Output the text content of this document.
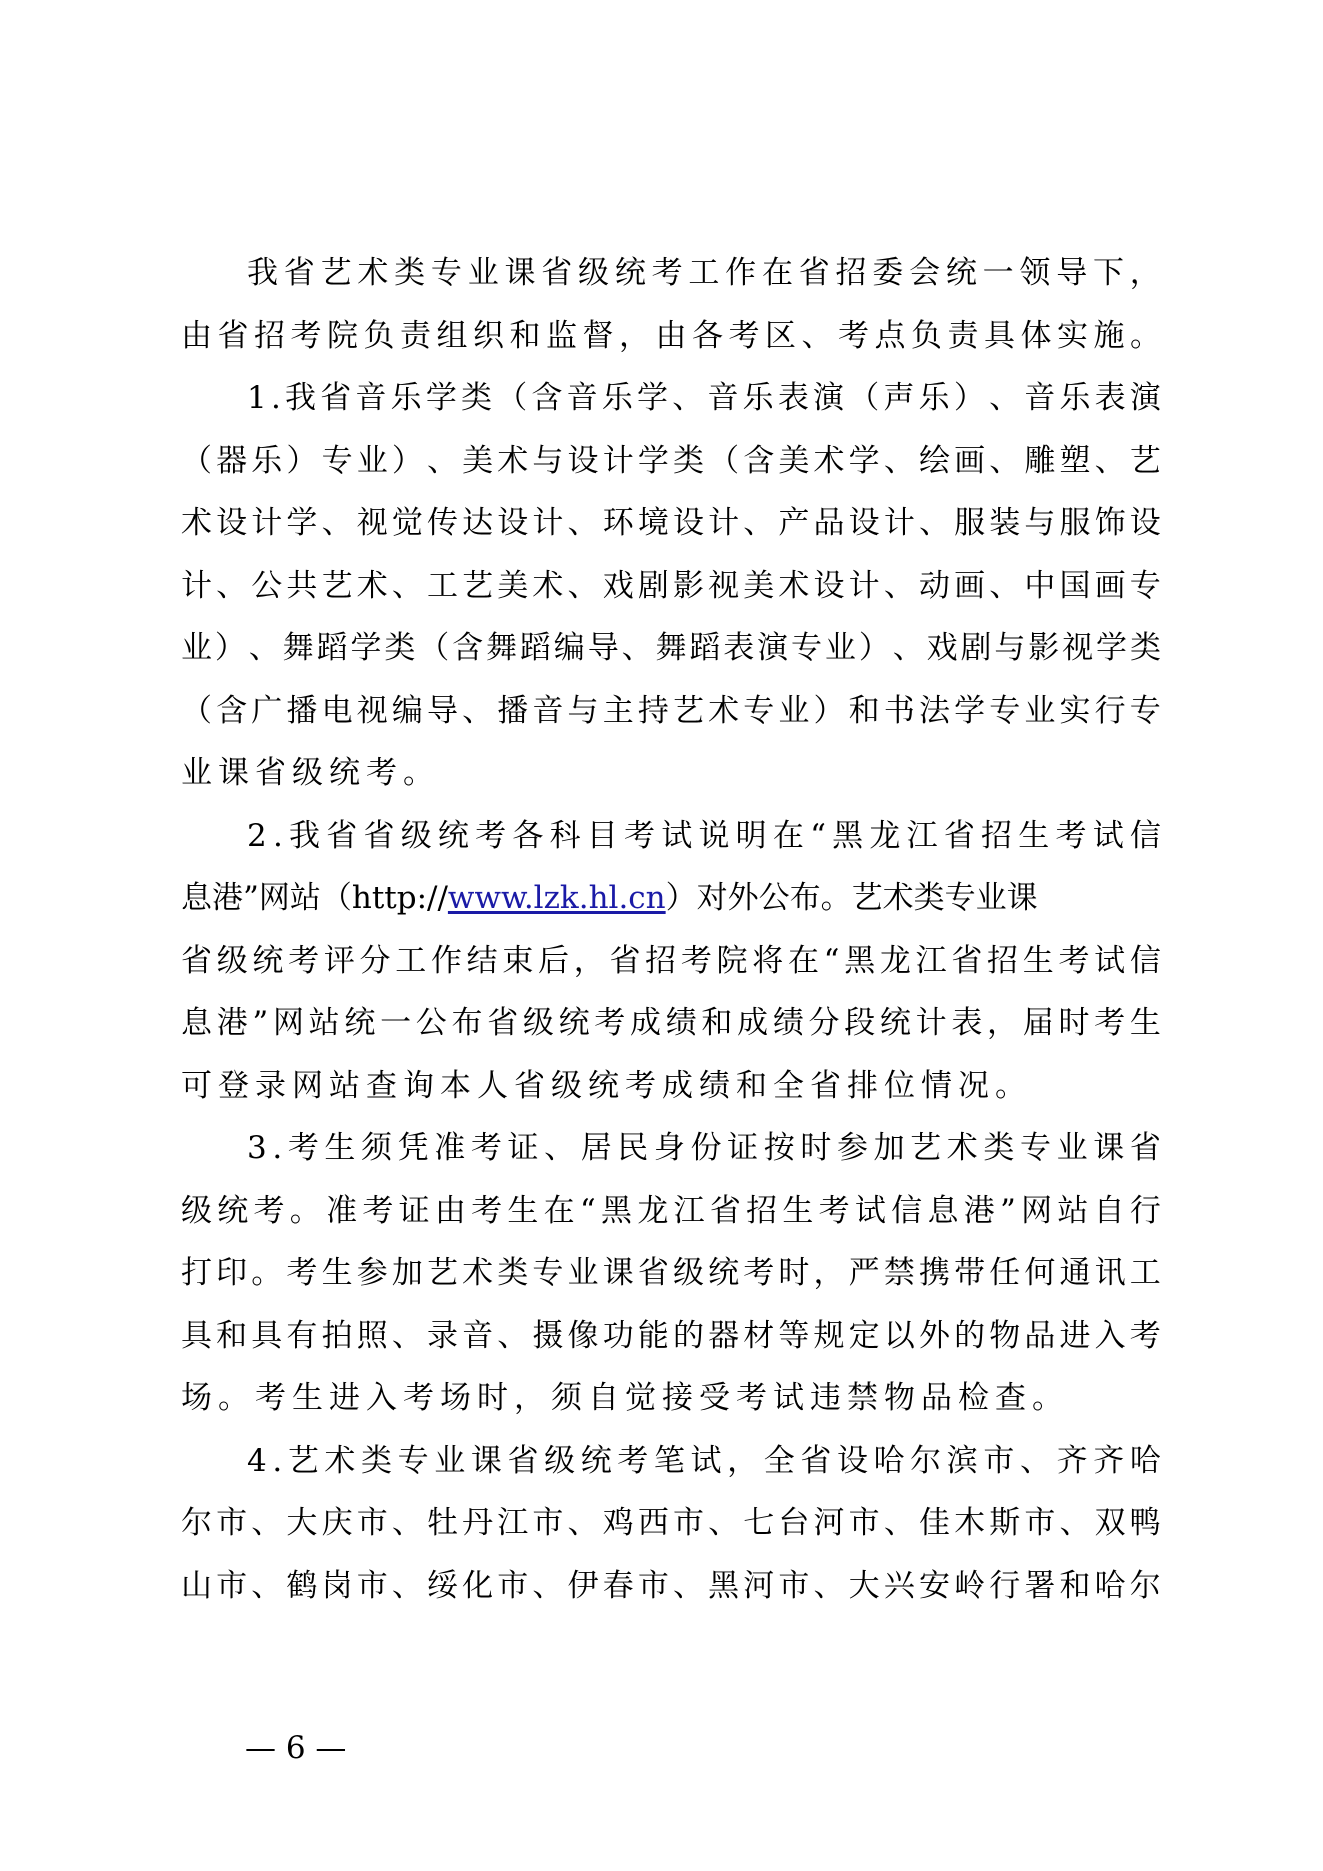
我 省 艺 术 类 专 业 课 省 级 统 考 工 作 在 省 招 委 会 统 一 领 导 下 ，
由 省 招 考 院 负 责 组 织 和 监 督 ， 由 各 考 区 、 考 点 负 责 具 体 实 施 。
1 . 我 省 音 乐 学 类 （ 含 音 乐 学 、 音 乐 表 演 （ 声 乐 ） 、 音 乐 表 演
（ 器 乐 ） 专 业 ） 、 美 术 与 设 计 学 类 （ 含 美 术 学 、 绘 画 、 雕 塑 、 艺
术 设 计 学 、 视 觉 传 达 设 计 、 环 境 设 计 、 产 品 设 计 、 服 装 与 服 饰 设
计 、 公 共 艺 术 、 工 艺 美 术 、 戏 剧 影 视 美 术 设 计 、 动 画 、 中 国 画 专
业 ） 、 舞 蹈 学 类 （ 含 舞 蹈 编 导 、 舞 蹈 表 演 专 业 ） 、 戏 剧 与 影 视 学 类
（ 含 广 播 电 视 编 导 、 播 音 与 主 持 艺 术 专 业 ） 和 书 法 学 专 业 实 行 专
业课省级统考。
2 . 我 省 省 级 统 考 各 科 目 考 试 说 明 在 “ 黑 龙 江 省 招 生 考 试 信
息港”网站（http://www.lzk.hl.cn）对外公布。艺术类专业课
省 级 统 考 评 分 工 作 结 束 后 ， 省 招 考 院 将 在 “ 黑 龙 江 省 招 生 考 试 信
息 港 ” 网 站 统 一 公 布 省 级 统 考 成 绩 和 成 绩 分 段 统 计 表 ， 届 时 考 生
可登录网站查询本人省级统考成绩和全省排位情况。
3 . 考 生 须 凭 准 考 证 、 居 民 身 份 证 按 时 参 加 艺 术 类 专 业 课 省
级 统 考 。 准 考 证 由 考 生 在 “ 黑 龙 江 省 招 生 考 试 信 息 港 ” 网 站 自 行
打 印 。 考 生 参 加 艺 术 类 专 业 课 省 级 统 考 时 ， 严 禁 携 带 任 何 通 讯 工
具 和 具 有 拍 照 、 录 音 、 摄 像 功 能 的 器 材 等 规 定 以 外 的 物 品 进 入 考
场。考生进入考场时，须自觉接受考试违禁物品检查。
4 . 艺 术 类 专 业 课 省 级 统 考 笔 试 ， 全 省 设 哈 尔 滨 市 、 齐 齐 哈
尔 市 、 大 庆 市 、 牡 丹 江 市 、 鸡 西 市 、 七 台 河 市 、 佳 木 斯 市 、 双 鸭
山 市 、 鹤 岗 市 、 绥 化 市 、 伊 春 市 、 黑 河 市 、 大 兴 安 岭 行 署 和 哈 尔
— 6 —
